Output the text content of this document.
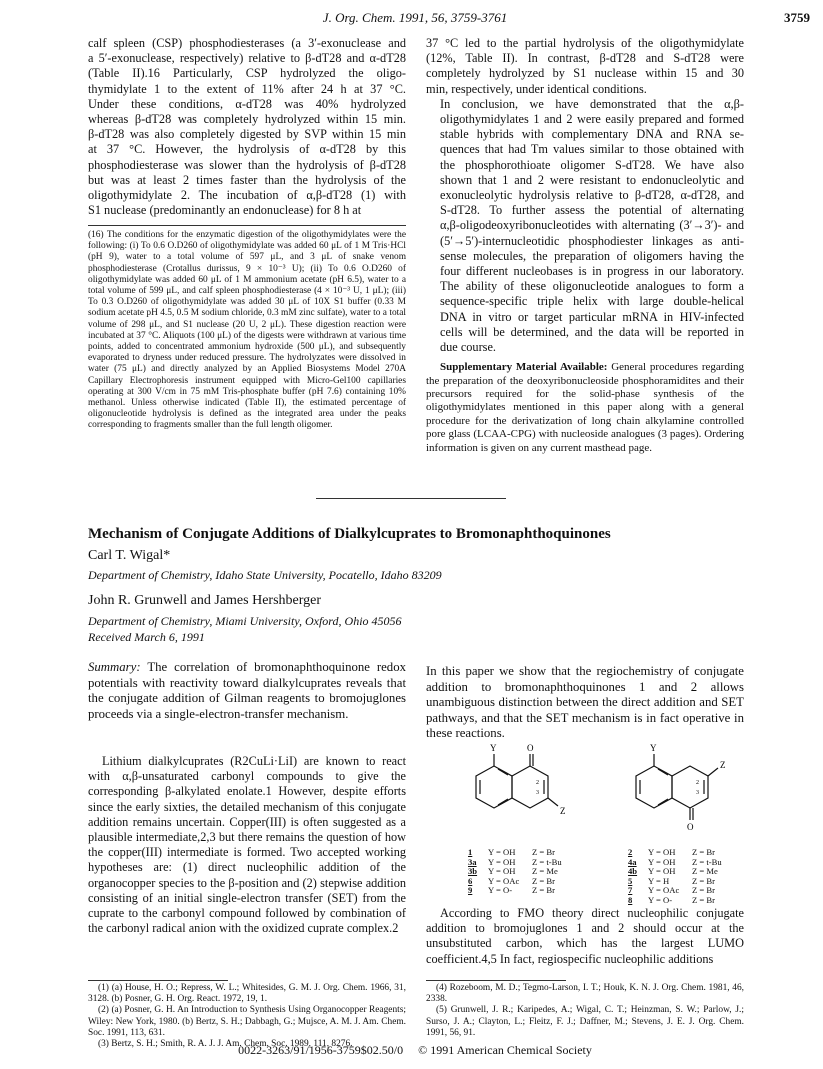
J. Org. Chem. 1991, 56, 3759-3761	3759
calf spleen (CSP) phosphodiesterases (a 3′-exonuclease and
a 5′-exonuclease, respectively) relative to β-dT28 and α-dT28
(Table II).16 Particularly, CSP hydrolyzed the oligo-
thymidylate 1 to the extent of 11% after 24 h at 37 °C.
Under these conditions, α-dT28 was 40% hydrolyzed
whereas β-dT28 was completely hydrolyzed within 15 min.
β-dT28 was also completely digested by SVP within 15 min
at 37 °C. However, the hydrolysis of α-dT28 by this
phosphodiesterase was slower than the hydrolysis of β-dT28
but was at least 2 times faster than the hydrolysis of the
oligothymidylate 2. The incubation of α,β-dT28 (1) with
S1 nuclease (predominantly an endonuclease) for 8 h at

(16) The conditions for the enzymatic digestion of the oligothymidylates were the following: (i) To 0.6 O.D260 of oligothymidylate was added 60 μL of 1 M Tris·HCl (pH 9), water to a total volume of 597 μL, and 3 μL of snake venom phosphodiesterase (Crotallus durissus, 9 × 10⁻³ U); (ii) To 0.6 O.D260 of oligothymidylate was added 60 μL of 1 M ammonium acetate (pH 6.5), water to a total volume of 599 μL, and calf spleen phosphodiesterase (4 × 10⁻³ U, 1 μL); (iii) To 0.3 O.D260 of oligothymidylate was added 30 μL of 10X S1 buffer (0.33 M sodium acetate pH 4.5, 0.5 M sodium chloride, 0.3 mM zinc sulfate), water to a total volume of 298 μL, and S1 nuclease (20 U, 2 μL). These digestion reaction were incubated at 37 °C. Aliquots (100 μL) of the digests were withdrawn at various time points, added to concentrated ammonium hydroxide (500 μL), and subsequently evaporated to dryness under reduced pressure. The hydrolyzates were dissolved in water (75 μL) and directly analyzed by an Applied Biosystems Model 270A Capillary Electrophoresis instrument equipped with Micro-Gel100 capillaries operating at 300 V/cm in 75 mM Tris-phosphate buffer (pH 7.6) containing 10% methanol. Unless otherwise indicated (Table II), the estimated percentage of oligonucleotide hydrolysis is defined as the integrated area under the peaks corresponding to fragments smaller than the full length oligomer.

37 °C led to the partial hydrolysis of the oligothymidylate
(12%, Table II). In contrast, β-dT28 and S-dT28 were
completely hydrolyzed by S1 nuclease within 15 and 30
min, respectively, under identical conditions.
In conclusion, we have demonstrated that the α,β-
oligothymidylates 1 and 2 were easily prepared and formed
stable hybrids with complementary DNA and RNA se-
quences that had Tm values similar to those obtained with
the phosphorothioate oligomer S-dT28. We have also
shown that 1 and 2 were resistant to endonucleolytic and
exonucleolytic hydrolysis relative to β-dT28, α-dT28, and
S-dT28. To further assess the potential of alternating
α,β-oligodeoxyribonucleotides with alternating (3′→3′)- and
(5′→5′)-internucleotidic phosphodiester linkages as anti-
sense molecules, the preparation of oligomers having the
four different nucleobases is in progress in our laboratory.
The ability of these oligonucleotide analogues to form a
sequence-specific triple helix with large double-helical
DNA in vitro or target particular mRNA in HIV-infected
cells will be determined, and the data will be reported in
due course.

Supplementary Material Available: General procedures regarding the preparation of the deoxyribonucleoside phosphoramidites and their precursors required for the solid-phase synthesis of the oligothymidylates mentioned in this paper along with a general procedure for the derivatization of long chain alkylamine controlled pore glass (LCAA-CPG) with nucleoside analogues (3 pages). Ordering information is given on any current masthead page.

Mechanism of Conjugate Additions of Dialkylcuprates to Bromonaphthoquinones
Carl T. Wigal*
Department of Chemistry, Idaho State University, Pocatello, Idaho 83209
John R. Grunwell and James Hershberger
Department of Chemistry, Miami University, Oxford, Ohio 45056
Received March 6, 1991

Summary: The correlation of bromonaphthoquinone redox potentials with reactivity toward dialkylcuprates reveals that the conjugate addition of Gilman reagents to bromojuglones proceeds via a single-electron-transfer mechanism.

Lithium dialkylcuprates (R2CuLi·LiI) are known to react with α,β-unsaturated carbonyl compounds to give the corresponding β-alkylated enolate.1 However, despite efforts since the early sixties, the detailed mechanism of this conjugate addition remains uncertain. Copper(III) is often suggested as a plausible intermediate,2,3 but there remains the question of how the copper(III) intermediate is formed. Two accepted working hypotheses are: (1) direct nucleophilic addition of the organocopper species to the β-position and (2) stepwise addition consisting of an initial single-electron transfer (SET) from the cuprate to the carbonyl compound followed by combination of the carbonyl radical anion with the oxidized cuprate complex.2

In this paper we show that the regiochemistry of conjugate addition to bromonaphthoquinones 1 and 2 allows unambiguous distinction between the direct addition and SET pathways, and that the SET mechanism is in fact operative in these reactions.

Y	O
Z
2
3
Y
O
Z
2
3
1 Y = OH Z = Br
3a Y = OH Z = t-Bu
3b Y = OH Z = Me
6 Y = OAc Z = Br
9 Y = O- Z = Br
2 Y = OH Z = Br
4a Y = OH Z = t-Bu
4b Y = OH Z = Me
5 Y = H	Z = Br
7 Y = OAc Z = Br
8 Y = O- Z = Br

According to FMO theory direct nucleophilic conjugate addition to bromojuglones 1 and 2 should occur at the unsubstituted carbon, which has the largest LUMO coefficient.4,5 In fact, regiospecific nucleophilic additions

(1) (a) House, H. O.; Repress, W. L.; Whitesides, G. M. J. Org. Chem. 1966, 31, 3128. (b) Posner, G. H. Org. React. 1972, 19, 1.

(2) (a) Posner, G. H. An Introduction to Synthesis Using Organocopper Reagents; Wiley: New York, 1980. (b) Bertz, S. H.; Dabbagh, G.; Mujsce, A. M. J. Am. Chem. Soc. 1991, 113, 631.

(3) Bertz, S. H.; Smith, R. A. J. J. Am. Chem. Soc. 1989, 111, 8276.

(4) Rozeboom, M. D.; Tegmo-Larson, I. T.; Houk, K. N. J. Org. Chem. 1981, 46, 2338.

(5) Grunwell, J. R.; Karipedes, A.; Wigal, C. T.; Heinzman, S. W.; Parlow, J.; Surso, J. A.; Clayton, L.; Fleitz, F. J.; Daffner, M.; Stevens, J. E. J. Org. Chem. 1991, 56, 91.

0022-3263/91/1956-3759$02.50/0 © 1991 American Chemical Society
